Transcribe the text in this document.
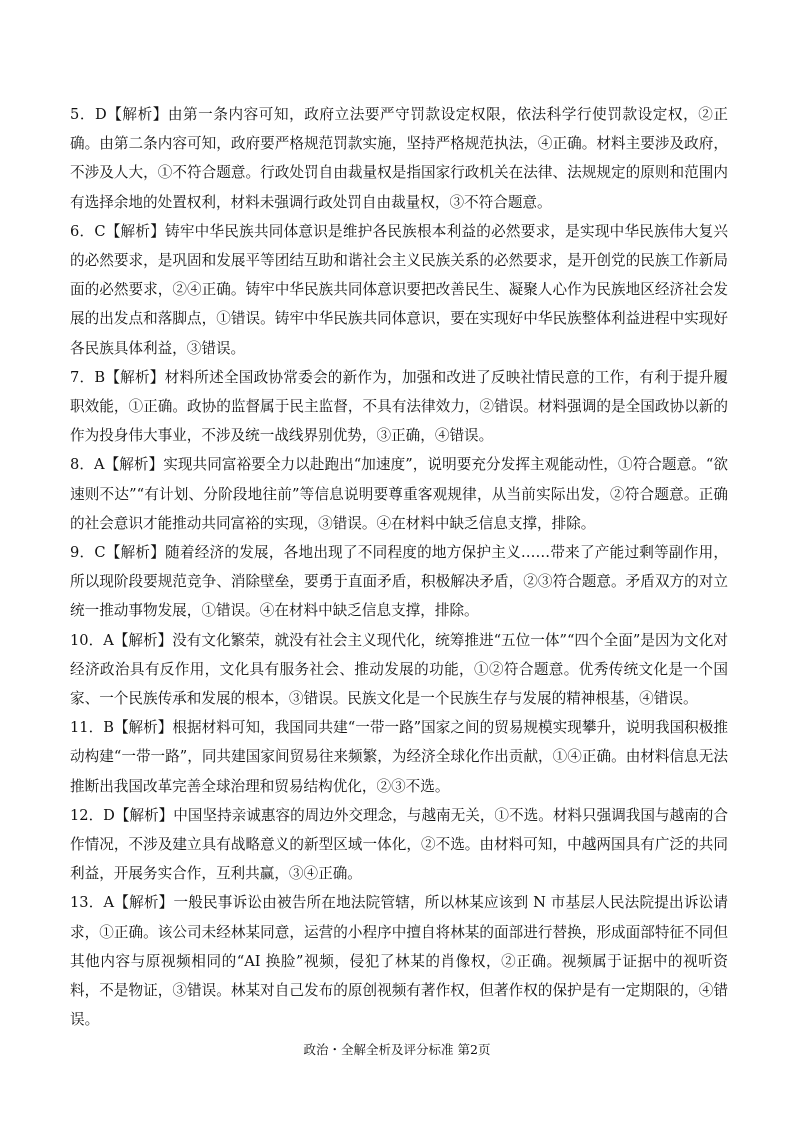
5．D【解析】由第一条内容可知，政府立法要严守罚款设定权限，依法科学行使罚款设定权，②正确。由第二条内容可知，政府要严格规范罚款实施，坚持严格规范执法，④正确。材料主要涉及政府，不涉及人大，①不符合题意。行政处罚自由裁量权是指国家行政机关在法律、法规规定的原则和范围内有选择余地的处置权利，材料未强调行政处罚自由裁量权，③不符合题意。

6．C【解析】铸牢中华民族共同体意识是维护各民族根本利益的必然要求，是实现中华民族伟大复兴的必然要求，是巩固和发展平等团结互助和谐社会主义民族关系的必然要求，是开创党的民族工作新局面的必然要求，②④正确。铸牢中华民族共同体意识要把改善民生、凝聚人心作为民族地区经济社会发展的出发点和落脚点，①错误。铸牢中华民族共同体意识，要在实现好中华民族整体利益进程中实现好各民族具体利益，③错误。

7．B【解析】材料所述全国政协常委会的新作为，加强和改进了反映社情民意的工作，有利于提升履职效能，①正确。政协的监督属于民主监督，不具有法律效力，②错误。材料强调的是全国政协以新的作为投身伟大事业，不涉及统一战线界别优势，③正确，④错误。

8．A【解析】实现共同富裕要全力以赴跑出“加速度”，说明要充分发挥主观能动性，①符合题意。“欲速则不达”“有计划、分阶段地往前”等信息说明要尊重客观规律，从当前实际出发，②符合题意。正确的社会意识才能推动共同富裕的实现，③错误。④在材料中缺乏信息支撑，排除。

9．C【解析】随着经济的发展，各地出现了不同程度的地方保护主义……带来了产能过剩等副作用，所以现阶段要规范竞争、消除壁垒，要勇于直面矛盾，积极解决矛盾，②③符合题意。矛盾双方的对立统一推动事物发展，①错误。④在材料中缺乏信息支撑，排除。

10．A【解析】没有文化繁荣，就没有社会主义现代化，统筹推进“五位一体”“四个全面”是因为文化对经济政治具有反作用，文化具有服务社会、推动发展的功能，①②符合题意。优秀传统文化是一个国家、一个民族传承和发展的根本，③错误。民族文化是一个民族生存与发展的精神根基，④错误。

11．B【解析】根据材料可知，我国同共建“一带一路”国家之间的贸易规模实现攀升，说明我国积极推动构建“一带一路”，同共建国家间贸易往来频繁，为经济全球化作出贡献，①④正确。由材料信息无法推断出我国改革完善全球治理和贸易结构优化，②③不选。

12．D【解析】中国坚持亲诚惠容的周边外交理念，与越南无关，①不选。材料只强调我国与越南的合作情况，不涉及建立具有战略意义的新型区域一体化，②不选。由材料可知，中越两国具有广泛的共同利益，开展务实合作，互利共赢，③④正确。

13．A【解析】一般民事诉讼由被告所在地法院管辖，所以林某应该到 N 市基层人民法院提出诉讼请求，①正确。该公司未经林某同意，运营的小程序中擅自将林某的面部进行替换，形成面部特征不同但其他内容与原视频相同的“AI 换脸”视频，侵犯了林某的肖像权，②正确。视频属于证据中的视听资料，不是物证，③错误。林某对自己发布的原创视频有著作权，但著作权的保护是有一定期限的，④错误。

政治・全解全析及评分标准 第2页
